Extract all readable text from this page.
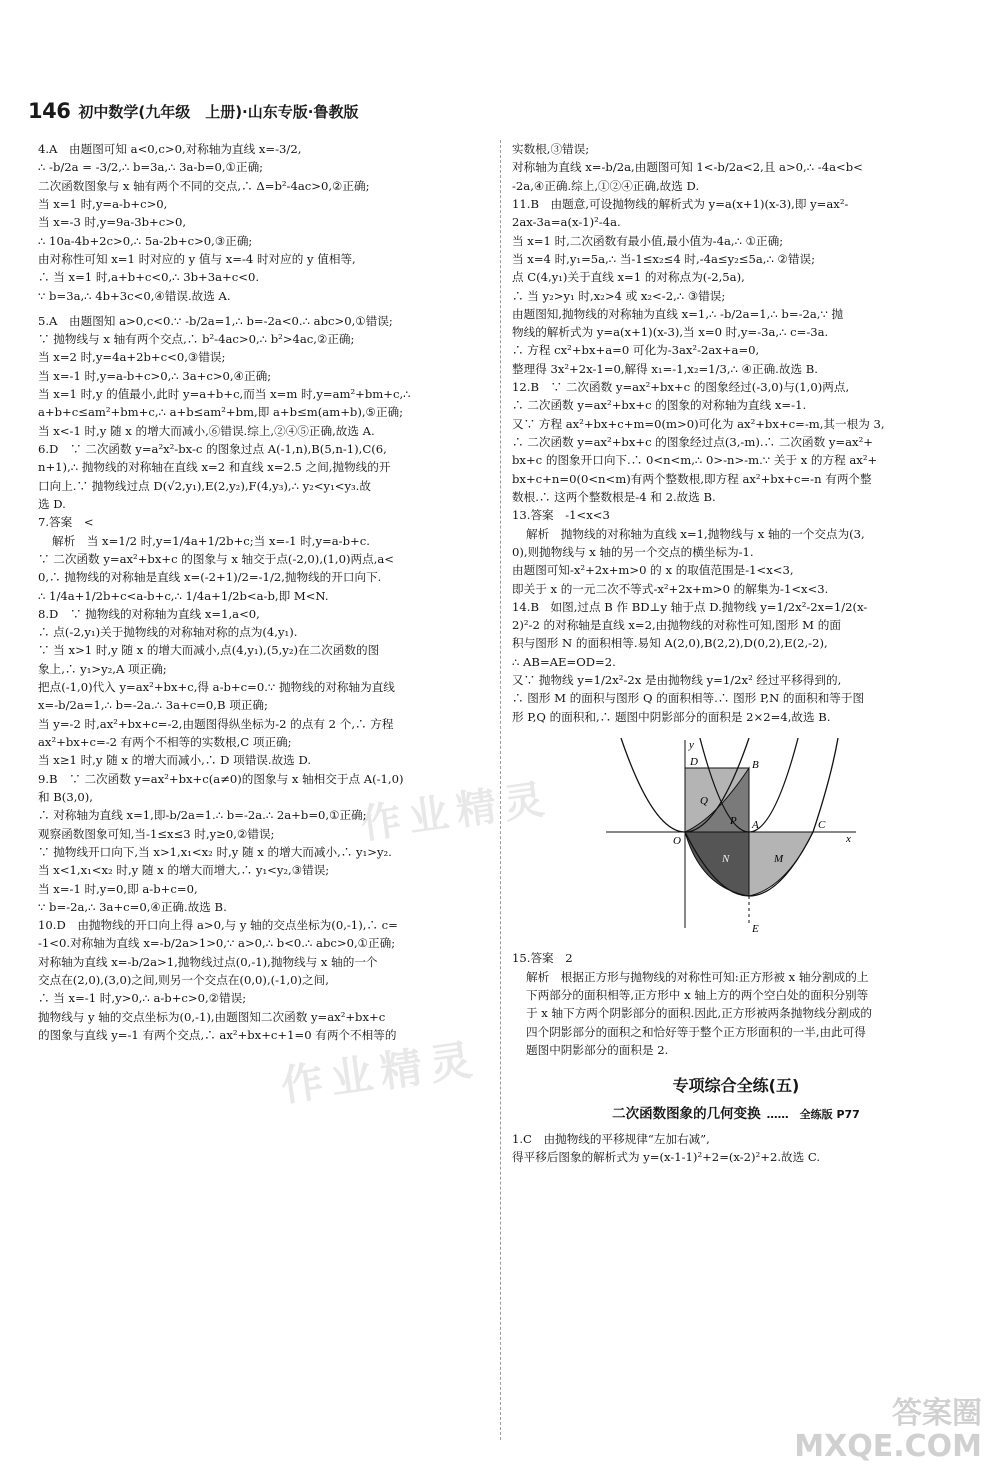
146 初中数学(九年级　上册)·山东专版·鲁教版

4.A　由题图可知 a<0,c>0,对称轴为直线 x=-3/2,

∴ -b/2a = -3/2,∴ b=3a,∴ 3a-b=0,①正确;

二次函数图象与 x 轴有两个不同的交点,∴ Δ=b²-4ac>0,②正确;

当 x=1 时,y=a-b+c>0,

当 x=-3 时,y=9a-3b+c>0,

∴ 10a-4b+2c>0,∴ 5a-2b+c>0,③正确;

由对称性可知 x=1 时对应的 y 值与 x=-4 时对应的 y 值相等,

∴ 当 x=1 时,a+b+c<0,∴ 3b+3a+c<0.

∵ b=3a,∴ 4b+3c<0,④错误.故选 A.

5.A　由题图知 a>0,c<0.∵ -b/2a=1,∴ b=-2a<0.∴ abc>0,①错误;

∵ 抛物线与 x 轴有两个交点,∴ b²-4ac>0,∴ b²>4ac,②正确;

当 x=2 时,y=4a+2b+c<0,③错误;

当 x=-1 时,y=a-b+c>0,∴ 3a+c>0,④正确;

当 x=1 时,y 的值最小,此时 y=a+b+c,而当 x=m 时,y=am²+bm+c,∴

a+b+c≤am²+bm+c,∴ a+b≤am²+bm,即 a+b≤m(am+b),⑤正确;

当 x<-1 时,y 随 x 的增大而减小,⑥错误.综上,②④⑤正确,故选 A.

6.D　∵ 二次函数 y=a²x²-bx-c 的图象过点 A(-1,n),B(5,n-1),C(6,

n+1),∴ 抛物线的对称轴在直线 x=2 和直线 x=2.5 之间,抛物线的开

口向上.∵ 抛物线过点 D(√2,y₁),E(2,y₂),F(4,y₃),∴ y₂<y₁<y₃.故

选 D.

7.答案　<

解析　当 x=1/2 时,y=1/4a+1/2b+c;当 x=-1 时,y=a-b+c.

∵ 二次函数 y=ax²+bx+c 的图象与 x 轴交于点(-2,0),(1,0)两点,a<

0,∴ 抛物线的对称轴是直线 x=(-2+1)/2=-1/2,抛物线的开口向下.

∴ 1/4a+1/2b+c<a-b+c,∴ 1/4a+1/2b<a-b,即 M<N.

8.D　∵ 抛物线的对称轴为直线 x=1,a<0,

∴ 点(-2,y₁)关于抛物线的对称轴对称的点为(4,y₁).

∵ 当 x>1 时,y 随 x 的增大而减小,点(4,y₁),(5,y₂)在二次函数的图

象上,∴ y₁>y₂,A 项正确;

把点(-1,0)代入 y=ax²+bx+c,得 a-b+c=0.∵ 抛物线的对称轴为直线

x=-b/2a=1,∴ b=-2a.∴ 3a+c=0,B 项正确;

当 y=-2 时,ax²+bx+c=-2,由题图得纵坐标为-2 的点有 2 个,∴ 方程

ax²+bx+c=-2 有两个不相等的实数根,C 项正确;

当 x≥1 时,y 随 x 的增大而减小,∴ D 项错误.故选 D.

9.B　∵ 二次函数 y=ax²+bx+c(a≠0)的图象与 x 轴相交于点 A(-1,0)

和 B(3,0),

∴ 对称轴为直线 x=1,即-b/2a=1.∴ b=-2a.∴ 2a+b=0,①正确;

观察函数图象可知,当-1≤x≤3 时,y≥0,②错误;

∵ 抛物线开口向下,当 x>1,x₁<x₂ 时,y 随 x 的增大而减小,∴ y₁>y₂.

当 x<1,x₁<x₂ 时,y 随 x 的增大而增大,∴ y₁<y₂,③错误;

当 x=-1 时,y=0,即 a-b+c=0,

∵ b=-2a,∴ 3a+c=0,④正确.故选 B.

10.D　由抛物线的开口向上得 a>0,与 y 轴的交点坐标为(0,-1),∴ c=

-1<0.对称轴为直线 x=-b/2a>1>0,∵ a>0,∴ b<0.∴ abc>0,①正确;

对称轴为直线 x=-b/2a>1,抛物线过点(0,-1),抛物线与 x 轴的一个

交点在(2,0),(3,0)之间,则另一个交点在(0,0),(-1,0)之间,

∴ 当 x=-1 时,y>0,∴ a-b+c>0,②错误;

抛物线与 y 轴的交点坐标为(0,-1),由题图知二次函数 y=ax²+bx+c

的图象与直线 y=-1 有两个交点,∴ ax²+bx+c+1=0 有两个不相等的

实数根,③错误;

对称轴为直线 x=-b/2a,由题图可知 1<-b/2a<2,且 a>0,∴ -4a<b<

-2a,④正确.综上,①②④正确,故选 D.

11.B　由题意,可设抛物线的解析式为 y=a(x+1)(x-3),即 y=ax²-

2ax-3a=a(x-1)²-4a.

当 x=1 时,二次函数有最小值,最小值为-4a,∴ ①正确;

当 x=4 时,y₁=5a,∴ 当-1≤x₂≤4 时,-4a≤y₂≤5a,∴ ②错误;

点 C(4,y₁)关于直线 x=1 的对称点为(-2,5a),

∴ 当 y₂>y₁ 时,x₂>4 或 x₂<-2,∴ ③错误;

由题图知,抛物线的对称轴为直线 x=1,∴ -b/2a=1,∴ b=-2a,∵ 抛

物线的解析式为 y=a(x+1)(x-3),当 x=0 时,y=-3a,∴ c=-3a.

∴ 方程 cx²+bx+a=0 可化为-3ax²-2ax+a=0,

整理得 3x²+2x-1=0,解得 x₁=-1,x₂=1/3,∴ ④正确.故选 B.

12.B　∵ 二次函数 y=ax²+bx+c 的图象经过(-3,0)与(1,0)两点,

∴ 二次函数 y=ax²+bx+c 的图象的对称轴为直线 x=-1.

又∵ 方程 ax²+bx+c+m=0(m>0)可化为 ax²+bx+c=-m,其一根为 3,

∴ 二次函数 y=ax²+bx+c 的图象经过点(3,-m).∴ 二次函数 y=ax²+

bx+c 的图象开口向下.∴ 0<n<m,∴ 0>-n>-m.∵ 关于 x 的方程 ax²+

bx+c+n=0(0<n<m)有两个整数根,即方程 ax²+bx+c=-n 有两个整

数根.∴ 这两个整数根是-4 和 2.故选 B.

13.答案　-1<x<3

解析　抛物线的对称轴为直线 x=1,抛物线与 x 轴的一个交点为(3,

0),则抛物线与 x 轴的另一个交点的横坐标为-1.

由题图可知-x²+2x+m>0 的 x 的取值范围是-1<x<3,

即关于 x 的一元二次不等式-x²+2x+m>0 的解集为-1<x<3.

14.B　如图,过点 B 作 BD⊥y 轴于点 D.抛物线 y=1/2x²-2x=1/2(x-

2)²-2 的对称轴是直线 x=2,由抛物线的对称性可知,图形 M 的面

积与图形 N 的面积相等.易知 A(2,0),B(2,2),D(0,2),E(2,-2),

∴ AB=AE=OD=2.

又∵ 抛物线 y=1/2x²-2x 是由抛物线 y=1/2x² 经过平移得到的,

∴ 图形 M 的面积与图形 Q 的面积相等.∴ 图形 P,N 的面积和等于图

形 P,Q 的面积和,∴ 题图中阴影部分的面积是 2×2=4,故选 B.

y
D	B
Q
P
O
A	C
x
N	M
E

15.答案　2

解析　根据正方形与抛物线的对称性可知:正方形被 x 轴分割成的上

下两部分的面积相等,正方形中 x 轴上方的两个空白处的面积分别等

于 x 轴下方两个阴影部分的面积.因此,正方形被两条抛物线分割成的

四个阴影部分的面积之和恰好等于整个正方形面积的一半,由此可得

题图中阴影部分的面积是 2.

专项综合全练(五)
二次函数图象的几何变换 ……　全练版 P77

1.C　由抛物线的平移规律“左加右减”,

得平移后图象的解析式为 y=(x-1-1)²+2=(x-2)²+2.故选 C.

作业精灵
作业精灵
答案圈
MXQE.COM
